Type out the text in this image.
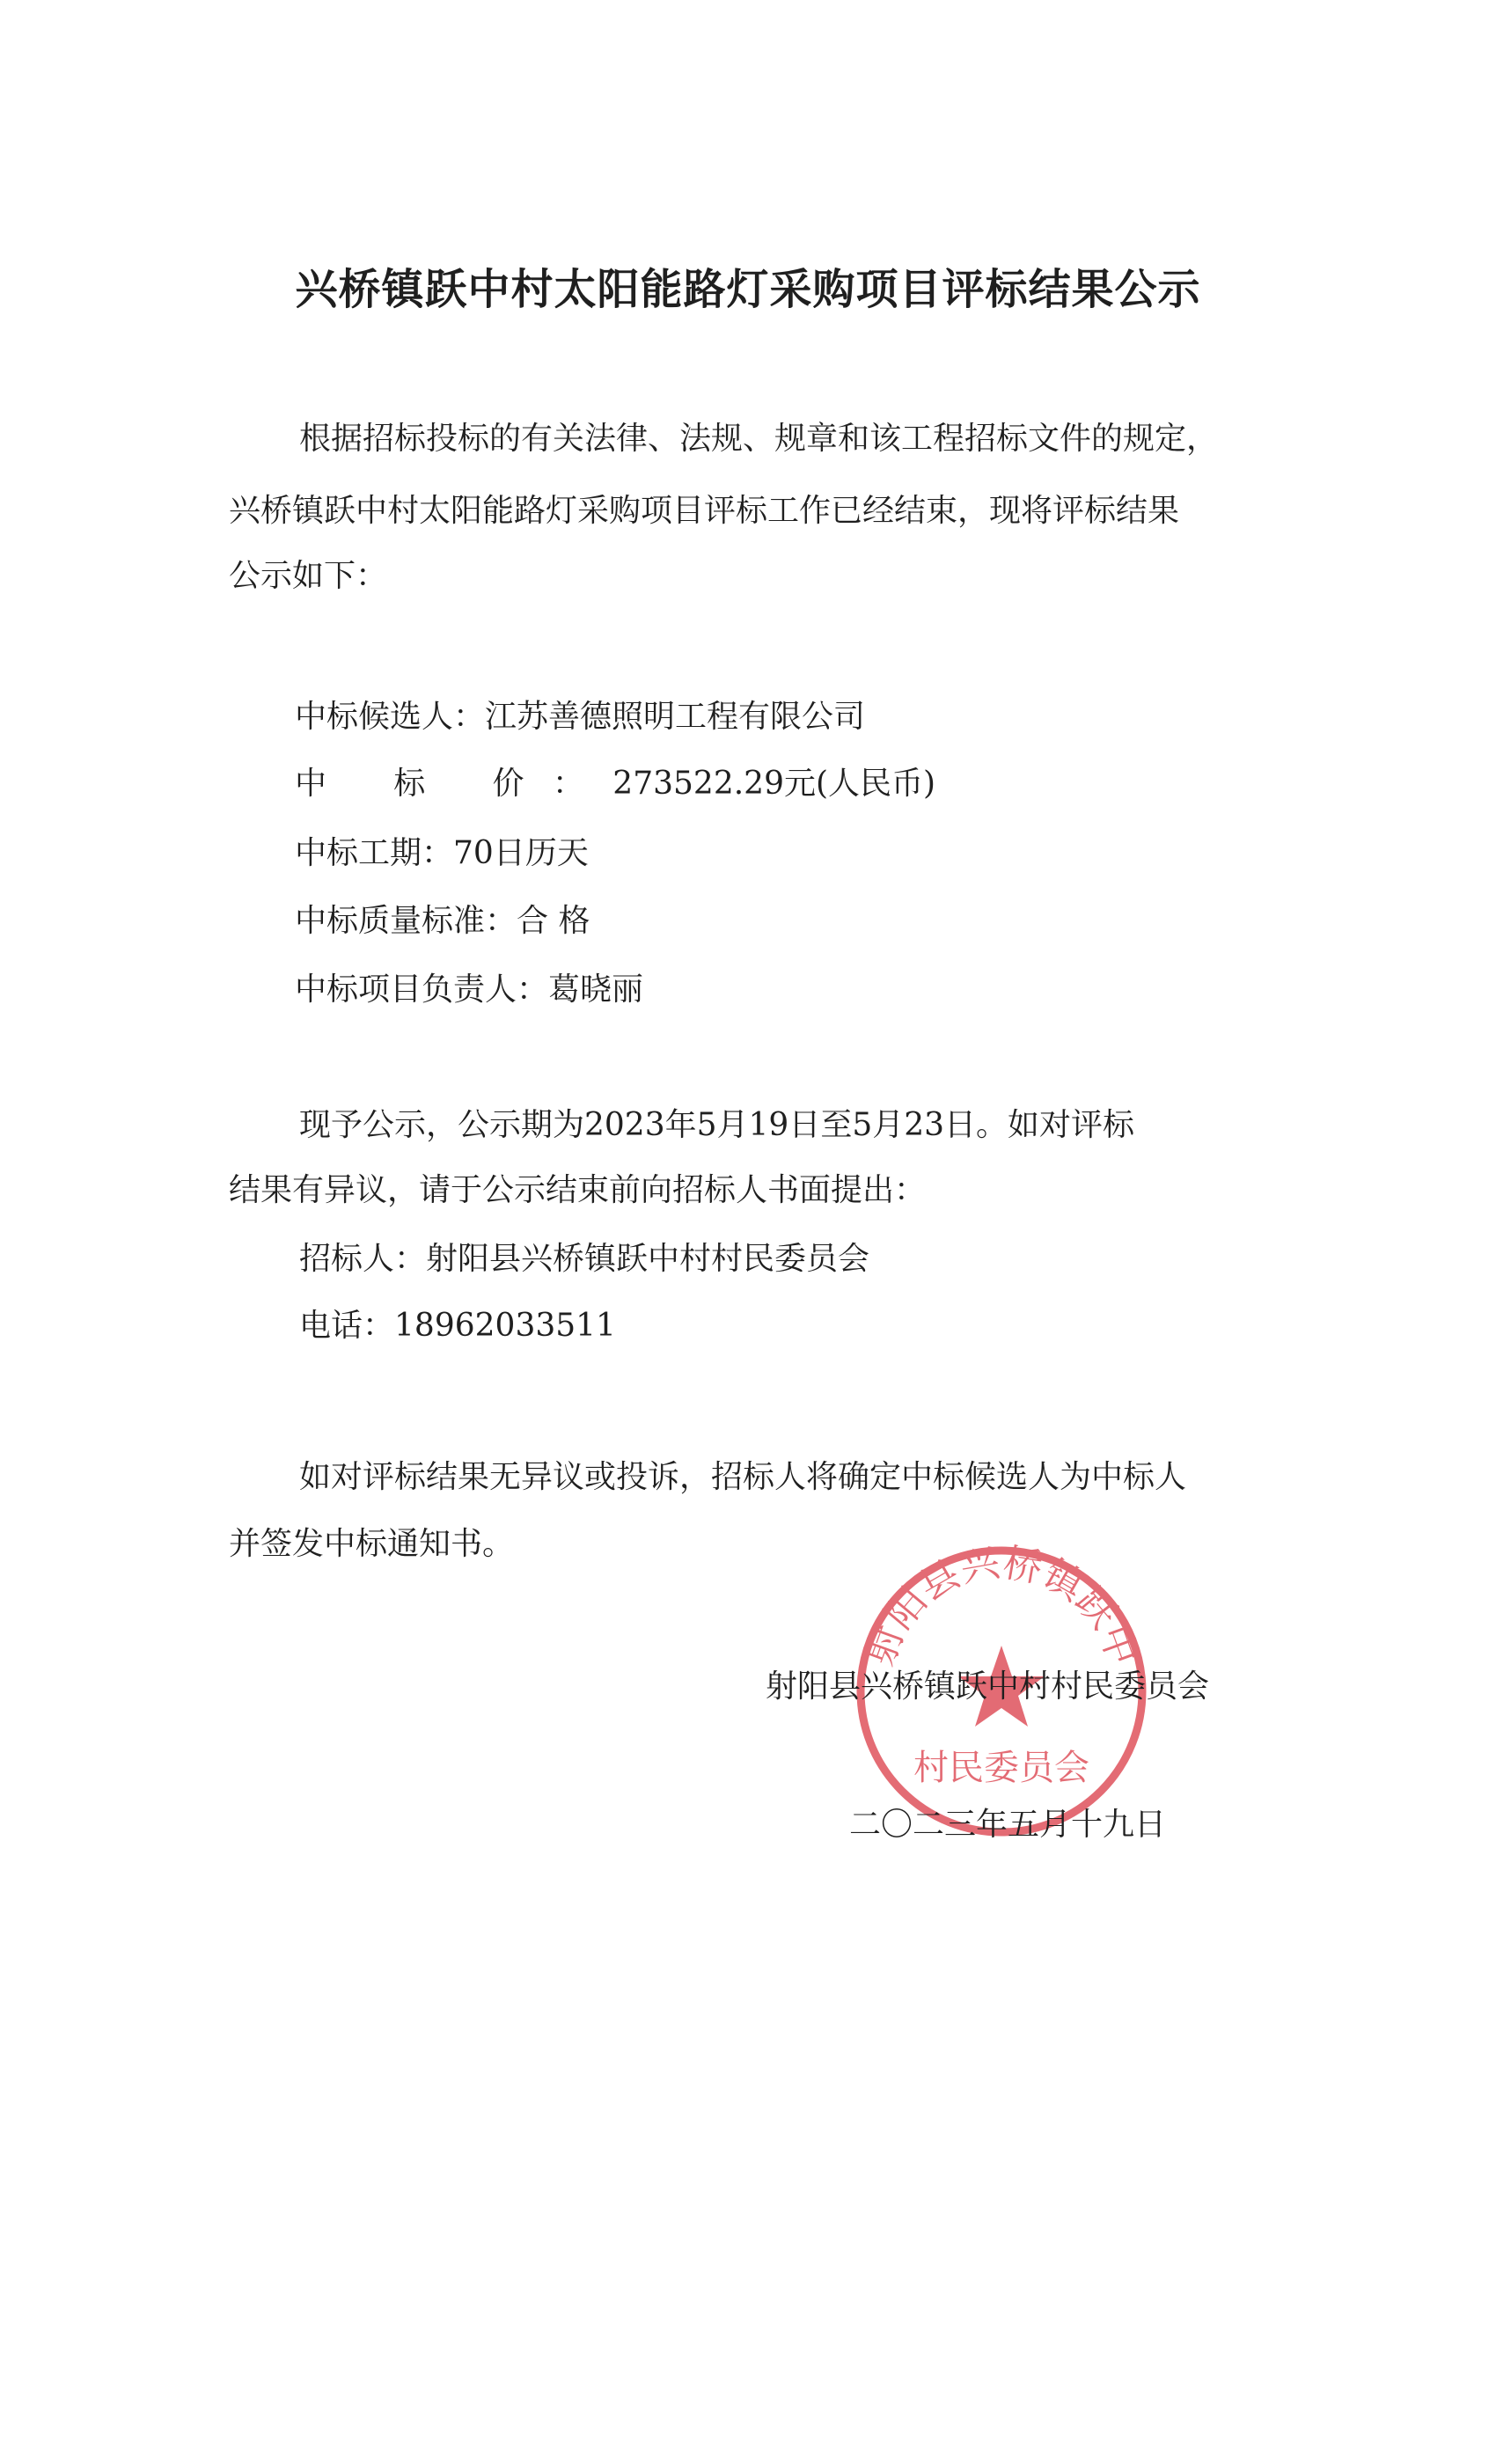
兴桥镇跃中村太阳能路灯采购项目评标结果公示
根据招标投标的有关法律、法规、规章和该工程招标文件的规定，
兴桥镇跃中村太阳能路灯采购项目评标工作已经结束，现将评标结果
公示如下：
中标候选人：江苏善德照明工程有限公司
中 标 价：273522.29元(人民币)
中标工期：70日历天
中标质量标准：合 格
中标项目负责人：葛晓丽
现予公示，公示期为2023年5月19日至5月23日。如对评标
结果有异议，请于公示结束前向招标人书面提出：
招标人：射阳县兴桥镇跃中村村民委员会
电话：18962033511
如对评标结果无异议或投诉，招标人将确定中标候选人为中标人
并签发中标通知书。
射阳县兴桥镇跃中
村民委员会
射阳县兴桥镇跃中村村民委员会
二〇二三年五月十九日
